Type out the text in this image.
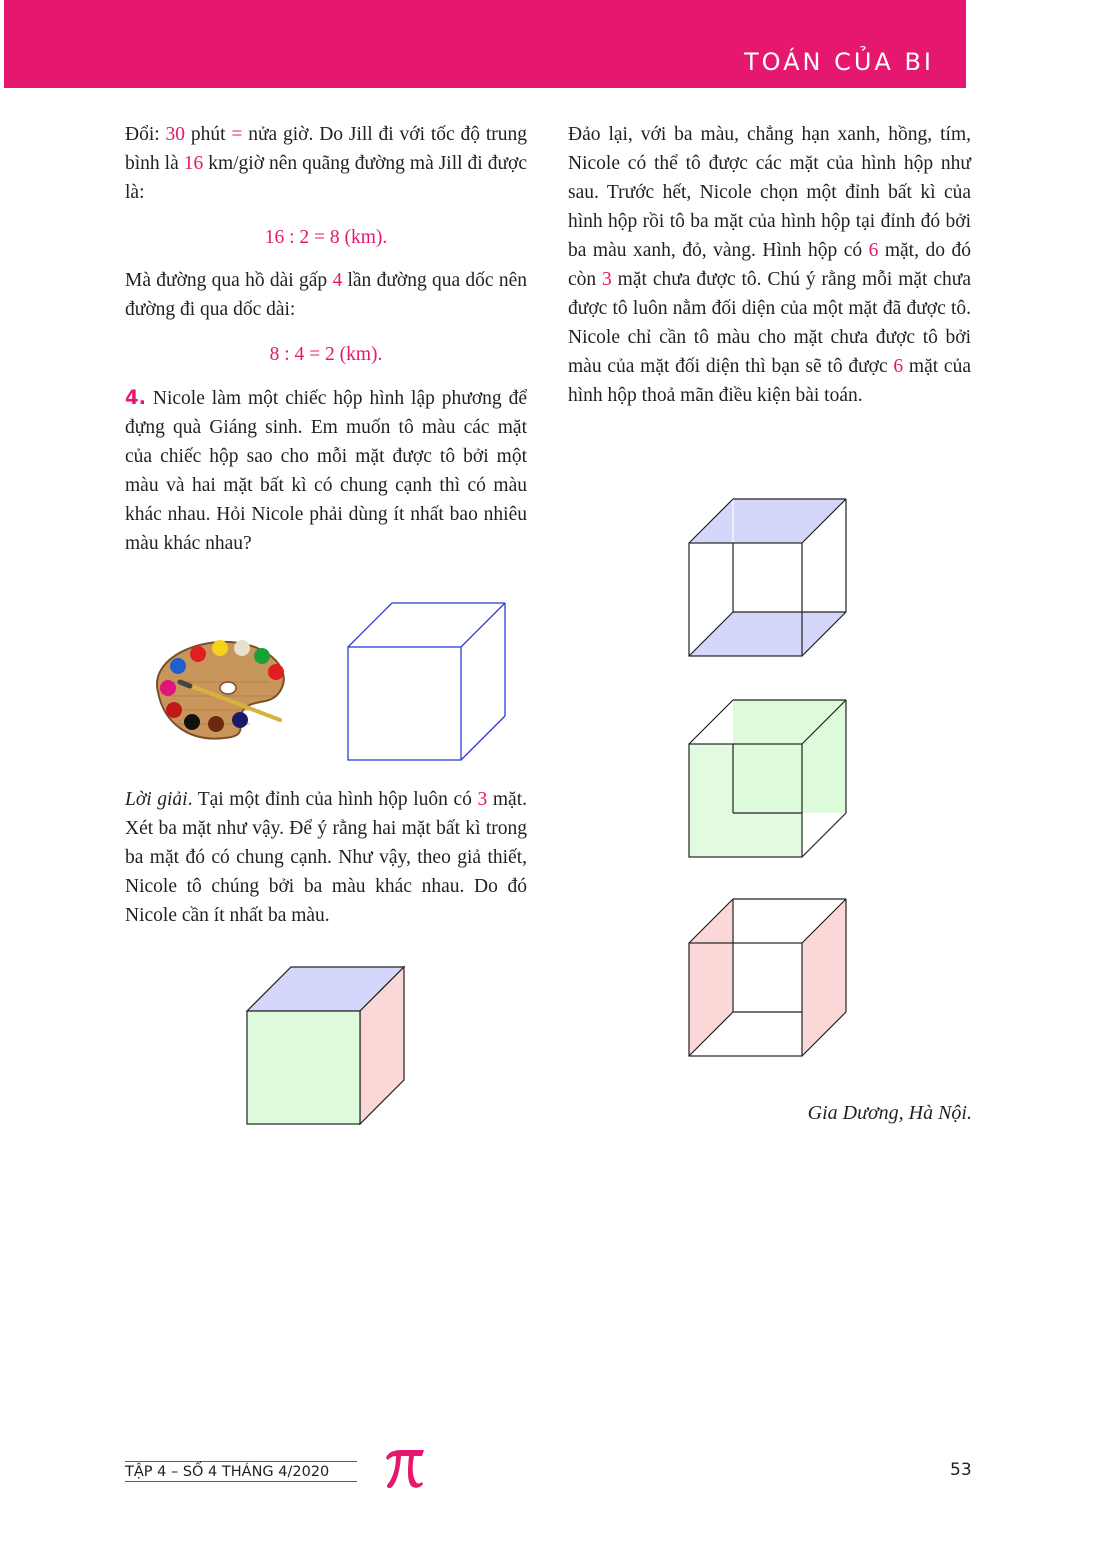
TOÁN CỦA BI

Đổi: 30 phút = nửa giờ. Do Jill đi với tốc độ trung bình là 16 km/giờ nên quãng đường mà Jill đi được là:

16 : 2 = 8 (km).

Mà đường qua hồ dài gấp 4 lần đường qua dốc nên đường đi qua dốc dài:

8 : 4 = 2 (km).

4. Nicole làm một chiếc hộp hình lập phương để đựng quà Giáng sinh. Em muốn tô màu các mặt của chiếc hộp sao cho mỗi mặt được tô bởi một màu và hai mặt bất kì có chung cạnh thì có màu khác nhau. Hỏi Nicole phải dùng ít nhất bao nhiêu màu khác nhau?

Lời giải. Tại một đỉnh của hình hộp luôn có 3 mặt. Xét ba mặt như vậy. Để ý rằng hai mặt bất kì trong ba mặt đó có chung cạnh. Như vậy, theo giả thiết, Nicole tô chúng bởi ba màu khác nhau. Do đó Nicole cần ít nhất ba màu.

Đảo lại, với ba màu, chẳng hạn xanh, hồng, tím, Nicole có thể tô được các mặt của hình hộp như sau. Trước hết, Nicole chọn một đỉnh bất kì của hình hộp rồi tô ba mặt của hình hộp tại đỉnh đó bởi ba màu xanh, đỏ, vàng. Hình hộp có 6 mặt, do đó còn 3 mặt chưa được tô. Chú ý rằng mỗi mặt chưa được tô luôn nằm đối diện của một mặt đã được tô. Nicole chỉ cần tô màu cho mặt chưa được tô bởi màu của mặt đối diện thì bạn sẽ tô được 6 mặt của hình hộp thoả mãn điều kiện bài toán.

Gia Dương, Hà Nội.
TẬP 4 – SỐ 4 THÁNG 4/2020	53
